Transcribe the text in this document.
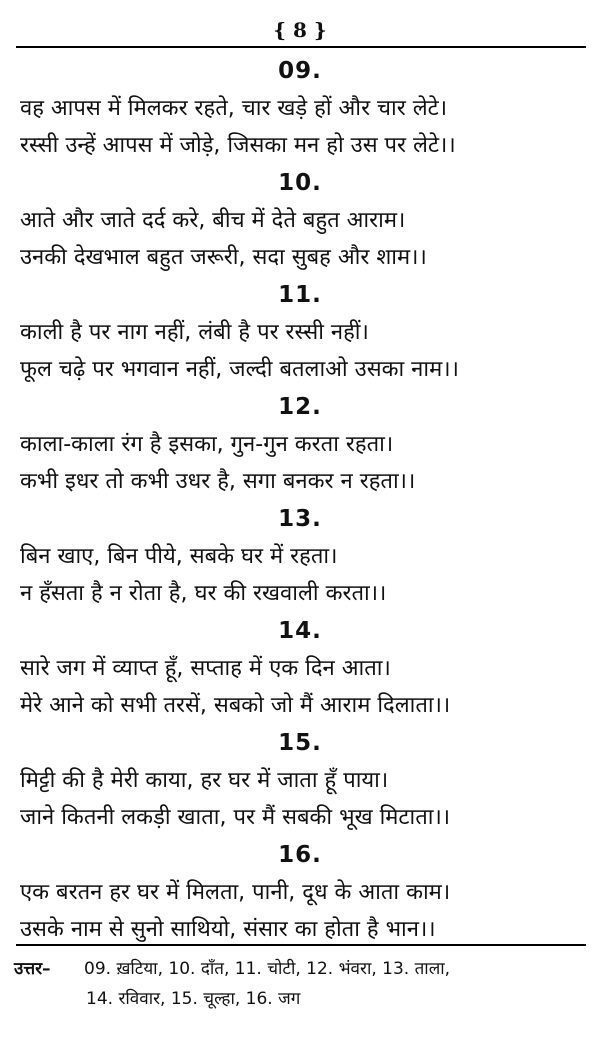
{ 8 }
09.
वह आपस में मिलकर रहते, चार खड़े हों और चार लेटे।
रस्सी उन्हें आपस में जोड़े, जिसका मन हो उस पर लेटे।।
10.
आते और जाते दर्द करे, बीच में देते बहुत आराम।
उनकी देखभाल बहुत जरूरी, सदा सुबह और शाम।।
11.
काली है पर नाग नहीं, लंबी है पर रस्सी नहीं।
फूल चढ़े पर भगवान नहीं, जल्दी बतलाओ उसका नाम।।
12.
काला-काला रंग है इसका, गुन-गुन करता रहता।
कभी इधर तो कभी उधर है, सगा बनकर न रहता।।
13.
बिन खाए, बिन पीये, सबके घर में रहता।
न हँसता है न रोता है, घर की रखवाली करता।।
14.
सारे जग में व्याप्त हूँ, सप्ताह में एक दिन आता।
मेरे आने को सभी तरसें, सबको जो मैं आराम दिलाता।।
15.
मिट्टी की है मेरी काया, हर घर में जाता हूँ पाया।
जाने कितनी लकड़ी खाता, पर मैं सबकी भूख मिटाता।।
16.
एक बरतन हर घर में मिलता, पानी, दूध के आता काम।
उसके नाम से सुनो साथियो, संसार का होता है भान।।
उत्तर– 09. ख़टिया, 10. दाँत, 11. चोटी, 12. भंवरा, 13. ताला,
14. रविवार, 15. चूल्हा, 16. जग
